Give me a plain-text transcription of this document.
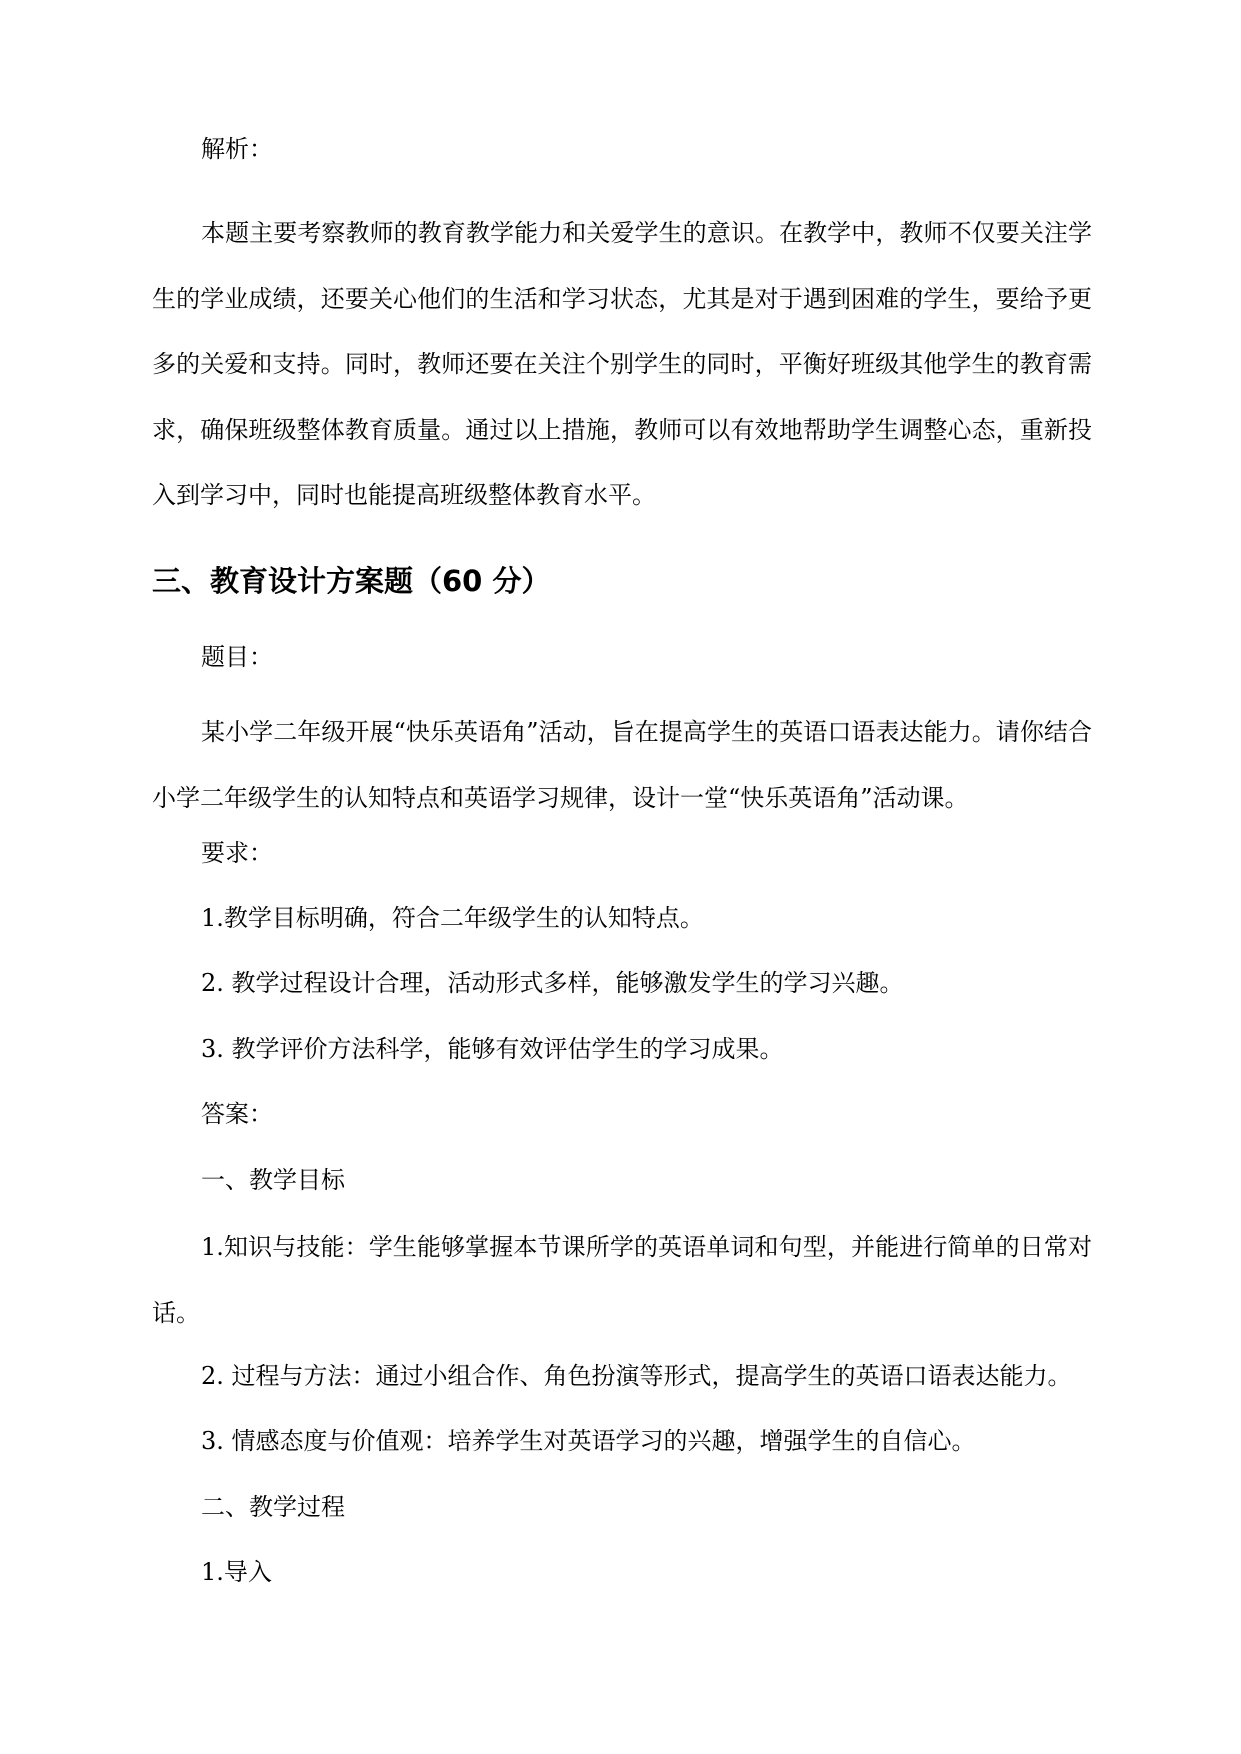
解析：

本题主要考察教师的教育教学能力和关爱学生的意识。在教学中，教师不仅要关注学生的学业成绩，还要关心他们的生活和学习状态，尤其是对于遇到困难的学生，要给予更多的关爱和支持。同时，教师还要在关注个别学生的同时，平衡好班级其他学生的教育需求，确保班级整体教育质量。通过以上措施，教师可以有效地帮助学生调整心态，重新投入到学习中，同时也能提高班级整体教育水平。

三、教育设计方案题（60 分）

题目：

某小学二年级开展“快乐英语角”活动，旨在提高学生的英语口语表达能力。请你结合小学二年级学生的认知特点和英语学习规律，设计一堂“快乐英语角”活动课。

要求：

1.教学目标明确，符合二年级学生的认知特点。

2. 教学过程设计合理，活动形式多样，能够激发学生的学习兴趣。

3. 教学评价方法科学，能够有效评估学生的学习成果。

答案：

一、教学目标

1.知识与技能：学生能够掌握本节课所学的英语单词和句型，并能进行简单的日常对话。

2. 过程与方法：通过小组合作、角色扮演等形式，提高学生的英语口语表达能力。

3. 情感态度与价值观：培养学生对英语学习的兴趣，增强学生的自信心。

二、教学过程

1.导入
